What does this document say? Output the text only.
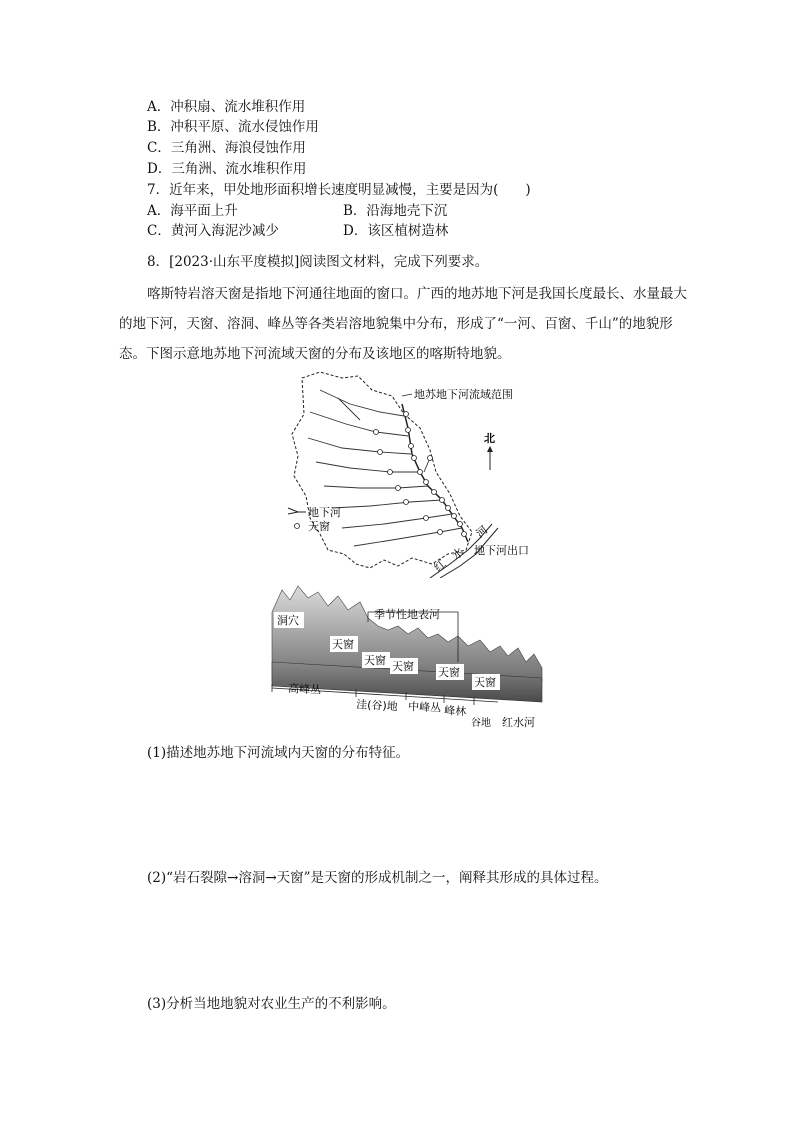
A．冲积扇、流水堆积作用
B．冲积平原、流水侵蚀作用
C．三角洲、海浪侵蚀作用
D．三角洲、流水堆积作用
7．近年来，甲处地形面积增长速度明显减慢，主要是因为(　　)
A．海平面上升	B．沿海地壳下沉
C．黄河入海泥沙减少	D．该区植树造林
8．[2023·山东平度模拟]阅读图文材料，完成下列要求。
喀斯特岩溶天窗是指地下河通往地面的窗口。广西的地苏地下河是我国长度最长、水量最大的地下河，天窗、溶洞、峰丛等各类岩溶地貌集中分布，形成了“一河、百窗、千山”的地貌形态。下图示意地苏地下河流域天窗的分布及该地区的喀斯特地貌。
地苏地下河流域范围
北
地下河
天窗
红
水
河
地下河出口
季节性地表河
洞穴
天窗
天窗 天窗 天窗
天窗
高峰丛
洼(谷)地 中峰丛 峰林
谷地 红水河
(1)描述地苏地下河流域内天窗的分布特征。
(2)“岩石裂隙→溶洞→天窗”是天窗的形成机制之一，阐释其形成的具体过程。
(3)分析当地地貌对农业生产的不利影响。
